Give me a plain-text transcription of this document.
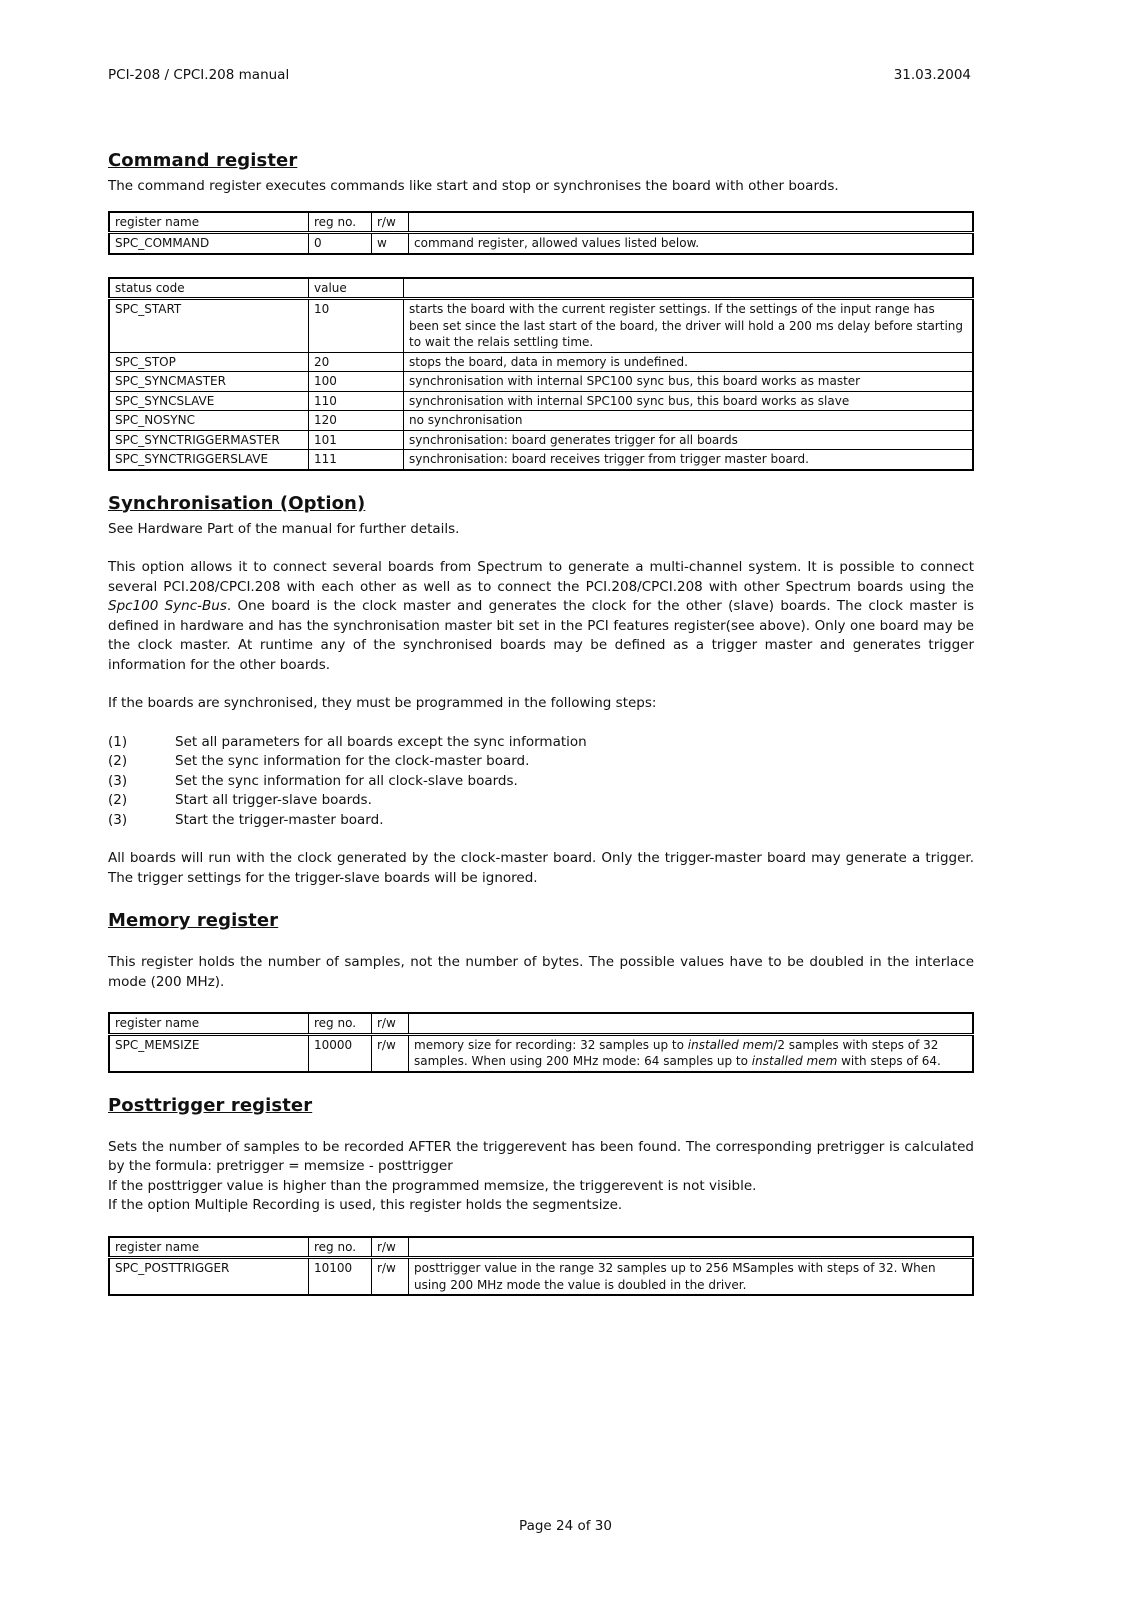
PCI-208 / CPCI.208 manual	31.03.2004
Command register

The command register executes commands like start and stop or synchronises the board with other boards.

register name	reg no.	r/w	
SPC_COMMAND	0	w	command register, allowed values listed below.
status code	value	
SPC_START	10	starts the board with the current register settings. If the settings of the input range has been set since the last start of the board, the driver will hold a 200 ms delay before starting to wait the relais settling time.
SPC_STOP	20	stops the board, data in memory is undefined.
SPC_SYNCMASTER	100	synchronisation with internal SPC100 sync bus, this board works as master
SPC_SYNCSLAVE	110	synchronisation with internal SPC100 sync bus, this board works as slave
SPC_NOSYNC	120	no synchronisation
SPC_SYNCTRIGGERMASTER	101	synchronisation: board generates trigger for all boards
SPC_SYNCTRIGGERSLAVE	111	synchronisation: board receives trigger from trigger master board.
Synchronisation (Option)

See Hardware Part of the manual for further details.

This option allows it to connect several boards from Spectrum to generate a multi-channel system. It is possible to connect several PCI.208/CPCI.208 with each other as well as to connect the PCI.208/CPCI.208 with other Spectrum boards using the Spc100 Sync-Bus. One board is the clock master and generates the clock for the other (slave) boards. The clock master is defined in hardware and has the synchronisation master bit set in the PCI features register(see above). Only one board may be the clock master. At runtime any of the synchronised boards may be defined as a trigger master and generates trigger information for the other boards.

If the boards are synchronised, they must be programmed in the following steps:

(1)	Set all parameters for all boards except the sync information
(2)	Set the sync information for the clock-master board.
(3)	Set the sync information for all clock-slave boards.
(2)	Start all trigger-slave boards.
(3)	Start the trigger-master board.

All boards will run with the clock generated by the clock-master board. Only the trigger-master board may generate a trigger. The trigger settings for the trigger-slave boards will be ignored.

Memory register

This register holds the number of samples, not the number of bytes. The possible values have to be doubled in the interlace mode (200 MHz).

register name	reg no.	r/w	
SPC_MEMSIZE	10000	r/w	memory size for recording: 32 samples up to installed mem/2 samples with steps of 32 samples. When using 200 MHz mode: 64 samples up to installed mem with steps of 64.
Posttrigger register

Sets the number of samples to be recorded AFTER the triggerevent has been found. The corresponding pretrigger is calculated by the formula: pretrigger = memsize - posttrigger

If the posttrigger value is higher than the programmed memsize, the triggerevent is not visible.

If the option Multiple Recording is used, this register holds the segmentsize.

register name	reg no.	r/w	
SPC_POSTTRIGGER	10100	r/w	posttrigger value in the range 32 samples up to 256 MSamples with steps of 32. When using 200 MHz mode the value is doubled in the driver.
Page 24 of 30
